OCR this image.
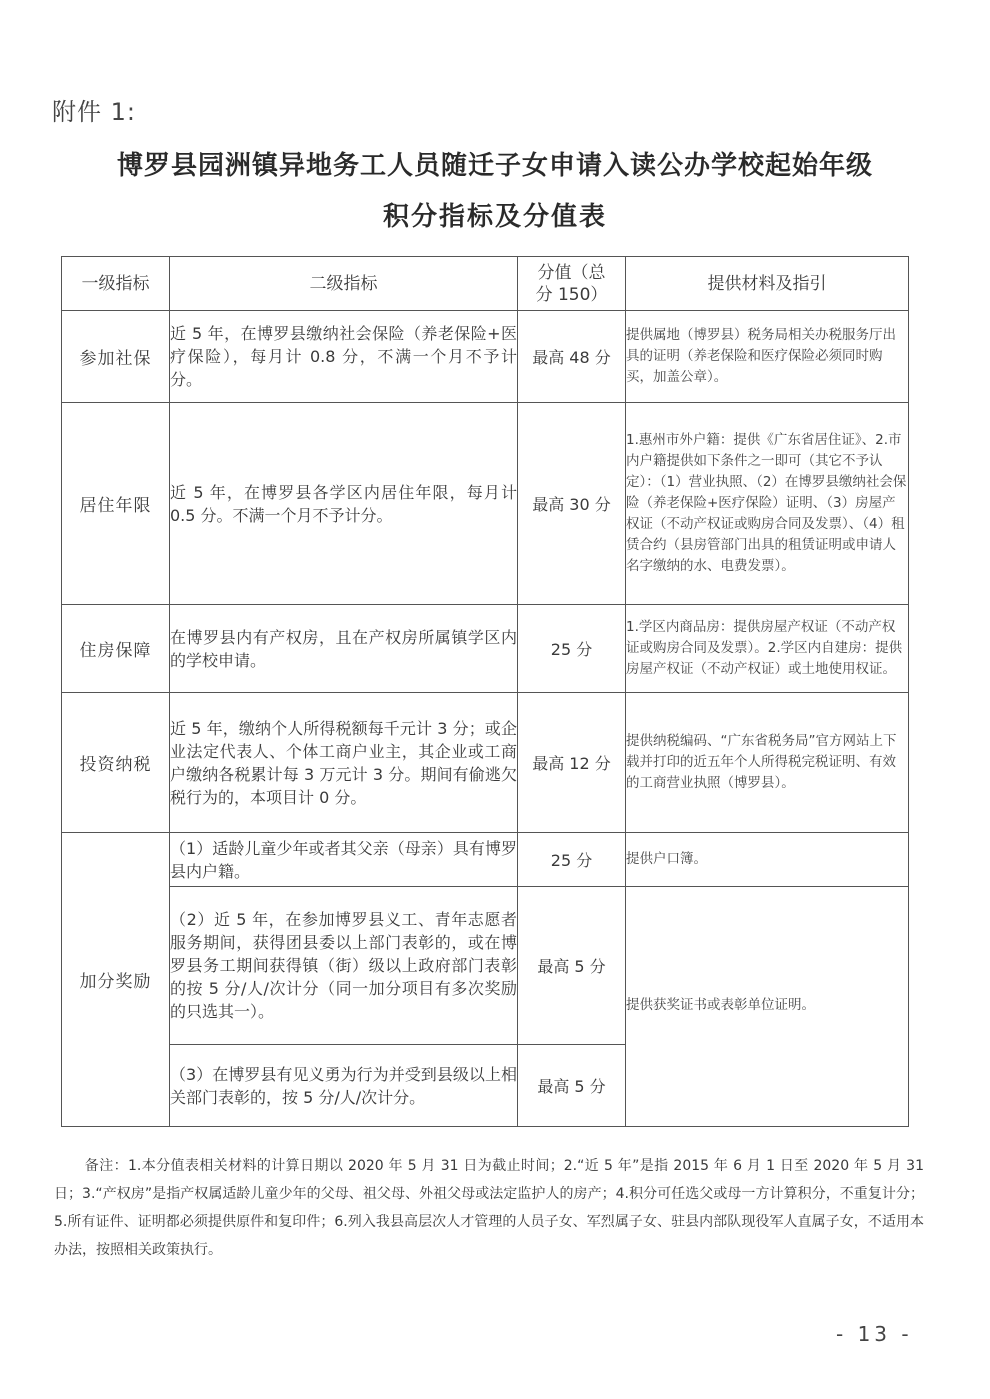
附件 1:
博罗县园洲镇异地务工人员随迁子女申请入读公办学校起始年级
积分指标及分值表
一级指标	二级指标	分值（总分 150）	提供材料及指引
参加社保	近 5 年，在博罗县缴纳社会保险（养老保险+医疗保险），每月计 0.8 分，不满一个月不予计分。	最高 48 分	提供属地（博罗县）税务局相关办税服务厅出具的证明（养老保险和医疗保险必须同时购买，加盖公章）。
居住年限	近 5 年，在博罗县各学区内居住年限，每月计 0.5 分。不满一个月不予计分。	最高 30 分	1.惠州市外户籍：提供《广东省居住证》、2.市内户籍提供如下条件之一即可（其它不予认定）：（1）营业执照、（2）在博罗县缴纳社会保险（养老保险+医疗保险）证明、（3）房屋产权证（不动产权证或购房合同及发票）、（4）租赁合约（县房管部门出具的租赁证明或申请人名字缴纳的水、电费发票）。
住房保障	在博罗县内有产权房，且在产权房所属镇学区内的学校申请。	25 分	1.学区内商品房：提供房屋产权证（不动产权证或购房合同及发票）。2.学区内自建房：提供房屋产权证（不动产权证）或土地使用权证。
投资纳税	近 5 年，缴纳个人所得税额每千元计 3 分；或企业法定代表人、个体工商户业主，其企业或工商户缴纳各税累计每 3 万元计 3 分。期间有偷逃欠税行为的，本项目计 0 分。	最高 12 分	提供纳税编码、“广东省税务局”官方网站上下载并打印的近五年个人所得税完税证明、有效的工商营业执照（博罗县）。
加分奖励	（1）适龄儿童少年或者其父亲（母亲）具有博罗县内户籍。	25 分	提供户口簿。
	（2）近 5 年，在参加博罗县义工、青年志愿者服务期间，获得团县委以上部门表彰的，或在博罗县务工期间获得镇（街）级以上政府部门表彰的按 5 分/人/次计分（同一加分项目有多次奖励的只选其一）。	最高 5 分	提供获奖证书或表彰单位证明。
	（3）在博罗县有见义勇为行为并受到县级以上相关部门表彰的，按 5 分/人/次计分。	最高 5 分	
备注：1.本分值表相关材料的计算日期以 2020 年 5 月 31 日为截止时间；2.“近 5 年”是指 2015 年 6 月 1 日至 2020 年 5 月 31 日；3.“产权房”是指产权属适龄儿童少年的父母、祖父母、外祖父母或法定监护人的房产；4.积分可任选父或母一方计算积分，不重复计分；5.所有证件、证明都必须提供原件和复印件；6.列入我县高层次人才管理的人员子女、军烈属子女、驻县内部队现役军人直属子女，不适用本办法，按照相关政策执行。
- 13 -
